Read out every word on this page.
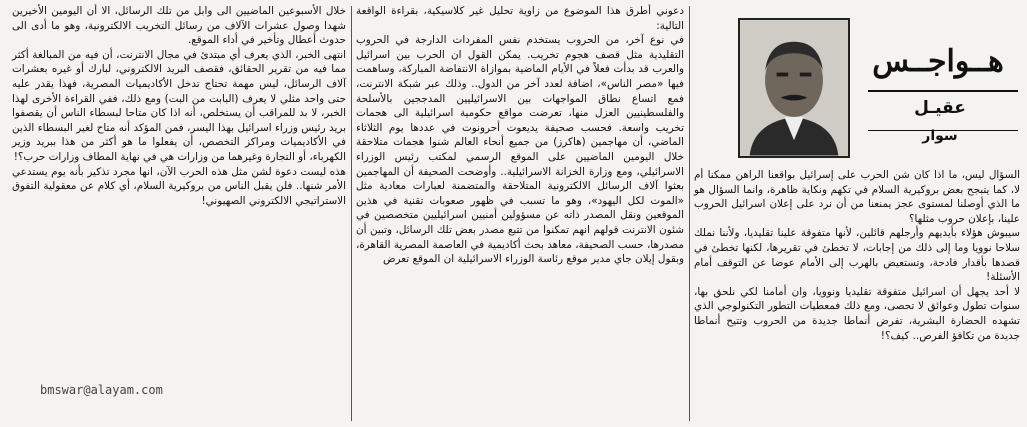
هــواجــس
عقيـل
سوار

السؤال ليس، ما اذا كان شن الحرب على إسرائيل بواقعنا الراهن ممكنا أم لا، كما يتبجح بعض بروكيرية السلام في تكهم ونكاية ظاهرة، وانما السؤال هو ما الذي أوصلنا لمستوى عجز يمنعنا من أن نرد على إعلان اسرائيل الحروب علينا، بإعلان حروب مثلها؟

سيبوش هؤلاء بأيديهم وأرجلهم قائلين، لأنها متفوقة علينا تقليديا، ولأننا نملك سلاحا نوويا وما إلى ذلك من إجابات، لا تخطئ في تقريرها، لكنها تخطئ في قصدها بأقدار فادحة، وتستعيض بالهرب إلى الأمام عوضا عن التوقف أمام الأسئلة!

لا أحد يجهل أن اسرائيل متفوقة تقليديا ونوويا، وان أمامنا لكي نلحق بها، سنوات تطول وعوائق لا تحصى، ومع ذلك فمعطيات التطور التكنولوجي الذي تشهده الحضارة البشرية، تفرض أنماطا جديدة من الحروب وتتيح أنماطا جديدة من تكافؤ الفرص.. كيف؟!

دعوني أطرق هذا الموضوع من زاوية تحليل غير كلاسيكية، بقراءة الواقعة التالية:

في نوع آخر، من الحروب يستخدم نفس المفردات الدارجة في الحروب التقليدية مثل قصف هجوم تخريب. يمكن القول ان الحرب بين اسرائيل والعرب قد بدأت فعلاً في الأيام الماضية بموازاة الانتفاضة المباركة، وساهمت فيها «مصر الناس»، اضافة لعدد آخر من الدول.. وذلك عبر شبكة الانترنت، فمع اتساع نطاق المواجهات بين الاسرائيليين المدججين بالأسلحة والفلسطينيين العزل منها، تعرضت مواقع حكومية اسرائيلية الى هجمات تخريب واسعة. فحسب صحيفة يديعوت أحرونوت في عددها يوم الثلاثاء الماضي، أن مهاجمين (هاكرز) من جميع أنحاء العالم شنوا هجمات متلاحقة خلال اليومين الماضيين على الموقع الرسمي لمكتب رئيس الوزراء الاسرائيلي، ومع وزارة الخزانة الاسرائيلية.. وأوضحت الصحيفة أن المهاجمين بعثوا آلاف الرسائل الالكترونية المتلاحقة والمتضمنة لعبارات معادية مثل «الموت لكل اليهود»، وهو ما تسبب في ظهور صعوبات تقنية في هذين الموقعين ونقل المصدر ذاته عن مسؤولين أمنيين اسرائيليين متخصصين في شئون الانترنت قولهم انهم تمكنوا من تتبع مصدر بعض تلك الرسائل، وتبين أن مصدرها، حسب الصحيفة، معاهد بحث أكاديمية في العاصمة المصرية القاهرة، وبقول إيلان جاي مدير موقع رئاسة الوزراء الاسرائيلية ان الموقع تعرض

خلال الأسبوعين الماضيين الى وابل من تلك الرسائل، الا أن اليومين الأخيرين شهدا وصول عشرات الآلاف من رسائل التخريب الالكترونية، وهو ما أدى الى حدوث أعطال وتأخير في أداء الموقع.

انتهى الخبر، الذي يعرف أي مبتدئ في مجال الانترنت، أن فيه من المبالغة أكثر مما فيه من تقرير الحقائق، فقصف البريد الالكتروني، لبارك أو غيره بعشرات آلاف الرسائل، ليس مهمة تحتاج تدخل الأكاديميات المصرية، فهذا يقدر عليه حتى واحد مثلي لا يعرف (البابت من البت) ومع ذلك، ففي القراءة الأخرى لهذا الخبر، لا بد للمراقب أن يستخلص، أنه اذا كان متاحا لبسطاء الناس أن يقصفوا بريد رئيس وزراء اسرائيل بهذا اليسر، فمن المؤكد أنه متاح لغير البسطاء الذين في الأكاديميات ومراكز التخصص، أن يفعلوا ما هو أكثر من هذا ببريد وزير الكهرباء، أو التجارة وغيرهما من وزارات هي في نهاية المطاف وزارات حرب؟!

هذه ليست دعوة لشن مثل هذه الحرب الآن، انها مجرد تذكير بأنه يوم يستدعي الأمر شنها.. فلن يقبل الناس من بروكيرية السلام، أي كلام عن معقولية التفوق الاستراتيجي الالكتروني الصهيوني!

bmswar@alayam.com
